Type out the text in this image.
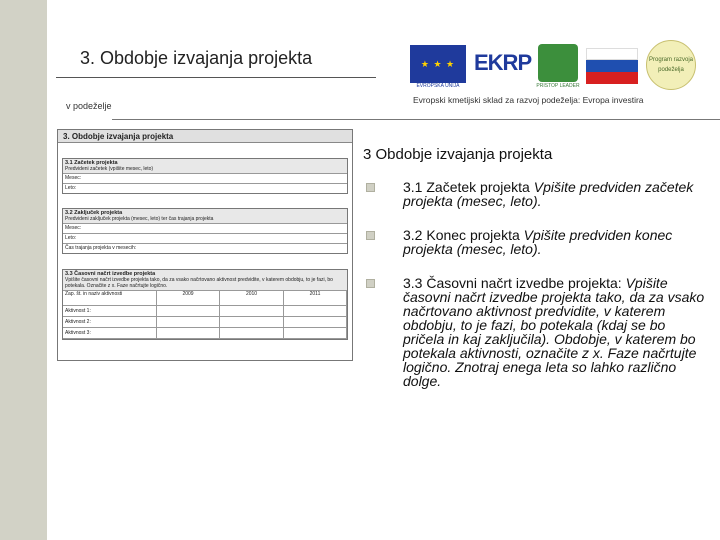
3. Obdobje izvajanja projekta
v podeželje
★ ★ ★
EVROPSKA UNIJA
EKRP
PRISTOP LEADER
Program razvoja podeželja
Evropski kmetijski sklad za razvoj podeželja: Evropa investira
3. Obdobje izvajanja projekta
3.1 Začetek projekta
Predvideni začetek (vpišite mesec, leto)
Mesec:
Leto:
3.2 Zaključek projekta
Predvideni zaključek projekta (mesec, leto) ter čas trajanja projekta
Mesec:
Leto:
Čas trajanja projekta v mesecih:
3.3 Časovni načrt izvedbe projekta
Vpišite časovni načrt izvedbe projekta tako, da za vsako načrtovano aktivnost predvidite, v katerem obdobju, to je fazi, bo potekala. Označite z x. Faze načrtujte logično.
Zap. št. in naziv aktivnosti	2009	2010	2011
Aktivnost 1:
Aktivnost 2:
Aktivnost 3:
3 Obdobje izvajanja projekta
3.1 Začetek projekta Vpišite predviden začetek projekta (mesec, leto).
3.2 Konec projekta Vpišite predviden konec projekta (mesec, leto).
3.3 Časovni načrt izvedbe projekta: Vpišite časovni načrt izvedbe projekta tako, da za vsako načrtovano aktivnost predvidite, v katerem obdobju, to je fazi, bo potekala (kdaj se bo pričela in kaj zaključila). Obdobje, v katerem bo potekala aktivnosti, označite z x. Faze načrtujte logično. Znotraj enega leta so lahko različno dolge.
